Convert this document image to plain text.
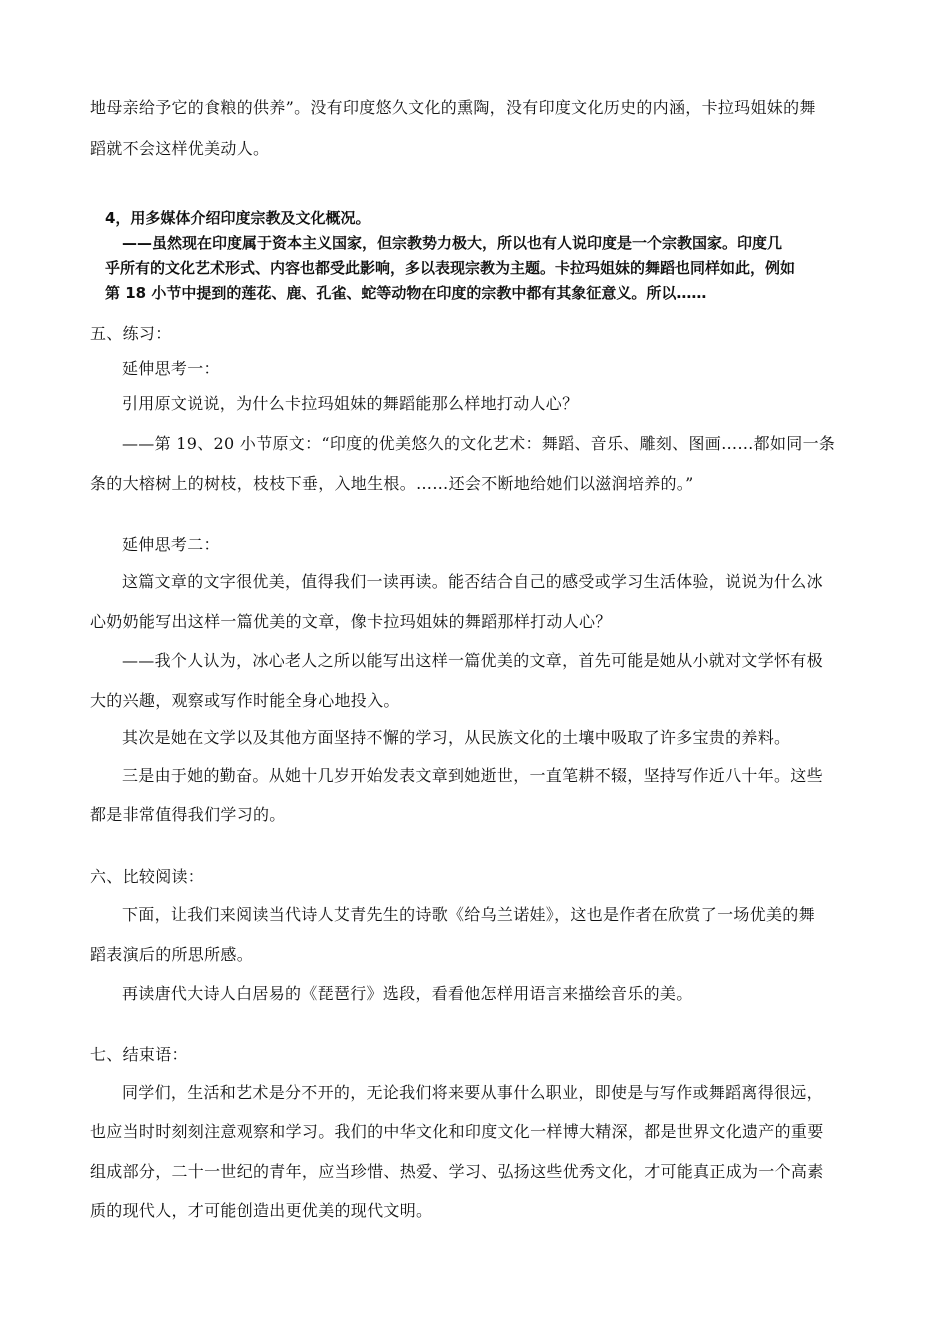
地母亲给予它的食粮的供养”。没有印度悠久文化的熏陶，没有印度文化历史的内涵，卡拉玛姐妹的舞
蹈就不会这样优美动人。
4，用多媒体介绍印度宗教及文化概况。
——虽然现在印度属于资本主义国家，但宗教势力极大，所以也有人说印度是一个宗教国家。印度几
乎所有的文化艺术形式、内容也都受此影响，多以表现宗教为主题。卡拉玛姐妹的舞蹈也同样如此，例如
第 18 小节中提到的莲花、鹿、孔雀、蛇等动物在印度的宗教中都有其象征意义。所以……
五、练习：
延伸思考一：
引用原文说说，为什么卡拉玛姐妹的舞蹈能那么样地打动人心？
——第 19、20 小节原文：“印度的优美悠久的文化艺术：舞蹈、音乐、雕刻、图画……都如同一条
条的大榕树上的树枝，枝枝下垂，入地生根。……还会不断地给她们以滋润培养的。”
延伸思考二：
这篇文章的文字很优美，值得我们一读再读。能否结合自己的感受或学习生活体验，说说为什么冰
心奶奶能写出这样一篇优美的文章，像卡拉玛姐妹的舞蹈那样打动人心？
——我个人认为，冰心老人之所以能写出这样一篇优美的文章，首先可能是她从小就对文学怀有极
大的兴趣，观察或写作时能全身心地投入。
其次是她在文学以及其他方面坚持不懈的学习，从民族文化的土壤中吸取了许多宝贵的养料。
三是由于她的勤奋。从她十几岁开始发表文章到她逝世，一直笔耕不辍，坚持写作近八十年。这些
都是非常值得我们学习的。
六、比较阅读：
下面，让我们来阅读当代诗人艾青先生的诗歌《给乌兰诺娃》，这也是作者在欣赏了一场优美的舞
蹈表演后的所思所感。
再读唐代大诗人白居易的《琵琶行》选段，看看他怎样用语言来描绘音乐的美。
七、结束语：
同学们，生活和艺术是分不开的，无论我们将来要从事什么职业，即使是与写作或舞蹈离得很远，
也应当时时刻刻注意观察和学习。我们的中华文化和印度文化一样博大精深，都是世界文化遗产的重要
组成部分，二十一世纪的青年，应当珍惜、热爱、学习、弘扬这些优秀文化，才可能真正成为一个高素
质的现代人，才可能创造出更优美的现代文明。
